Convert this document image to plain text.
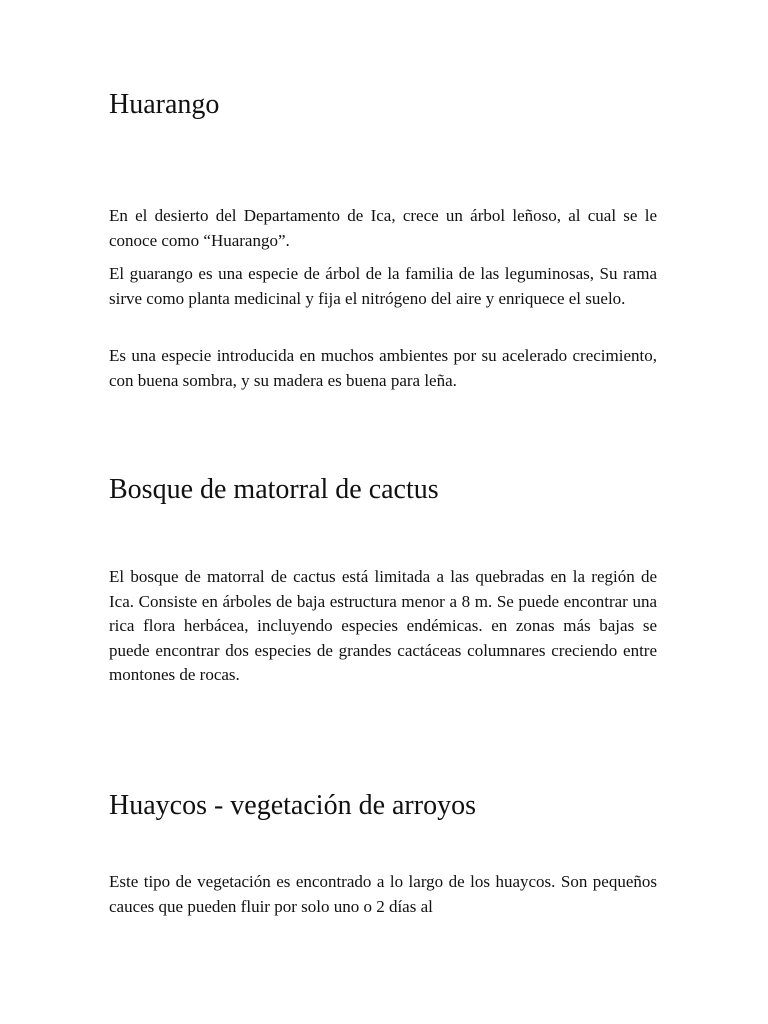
Huarango

En el desierto del Departamento de Ica, crece un árbol leñoso, al cual se le conoce como “Huarango”.

El guarango es una especie de árbol de la familia de las leguminosas, Su rama sirve como planta medicinal y fija el nitrógeno del aire y enriquece el suelo.

Es una especie introducida en muchos ambientes por su acelerado crecimiento, con buena sombra, y su madera es buena para leña.

Bosque de matorral de cactus

El bosque de matorral de cactus está limitada a las quebradas en la región de Ica. Consiste en árboles de baja estructura menor a 8 m. Se puede encontrar una rica flora herbácea, incluyendo especies endémicas. en zonas más bajas se puede encontrar dos especies de grandes cactáceas columnares creciendo entre montones de rocas.

Huaycos - vegetación de arroyos

Este tipo de vegetación es encontrado a lo largo de los huaycos. Son pequeños cauces que pueden fluir por solo uno o 2 días al
